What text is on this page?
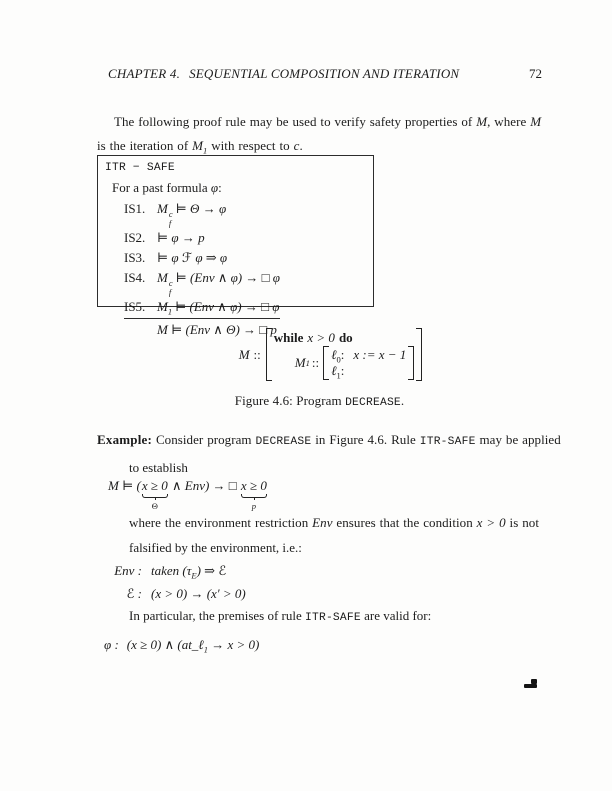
CHAPTER 4. SEQUENTIAL COMPOSITION AND ITERATION	72
The following proof rule may be used to verify safety properties of M, where M
is the iteration of $M_1$ with respect to c.
ITR − SAFE
For a past formula φ:
IS1. M c
f
⊨ Θ → φ
IS2. ⊨ φ → p
IS3. ⊨ φ ℱ φ ⇒ φ
IS4. M c
f
⊨ (Env ∧ φ) → □ φ
IS5. $M_1$ ⊨ (Env ∧ φ) → □ φ
M ⊨ (Env ∧ Θ) → □ p
M ::
while x > 0 do
M 1 ::
ℓ$_0$: x := x − 1
ℓ$_1$:
Figure 4.6: Program DECREASE.
Example: Consider program DECREASE in Figure 4.6. Rule ITR-SAFE may be applied
to establish
M ⊨ (x ≥ 0
Θ
∧ Env) → □ x ≥ 0
p
where the environment restriction Env ensures that the condition x > 0 is not
falsified by the environment, i.e.:
Env : taken $(\tau_E)$ ⇒ ℰ
ℰ : (x > 0) → (x′ > 0)
In particular, the premises of rule ITR-SAFE are valid for:
φ : (x ≥ 0) ∧ (at_ℓ$_1$ → x > 0)
